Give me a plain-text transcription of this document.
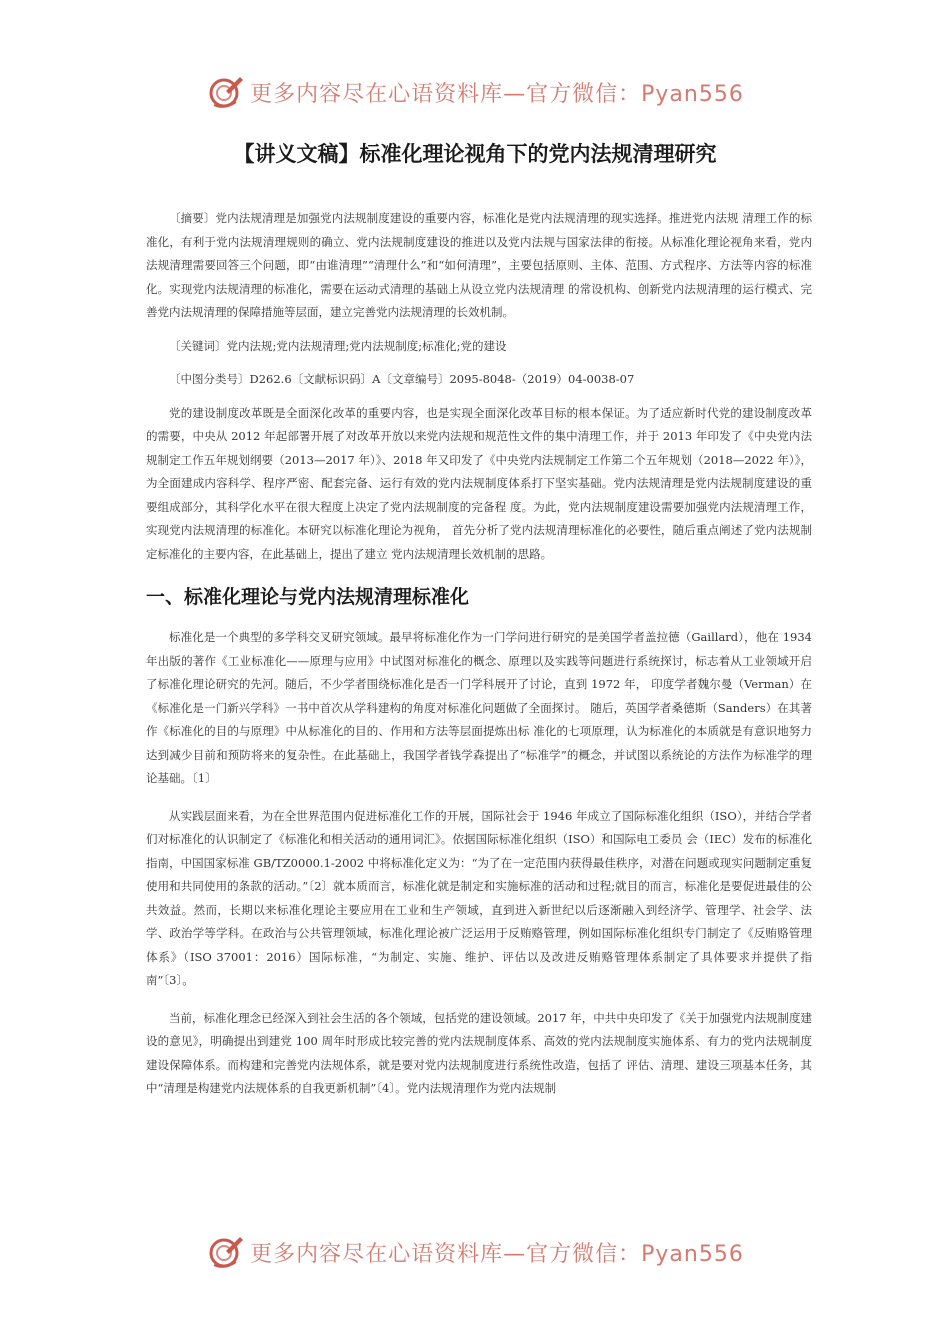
更多内容尽在心语资料库—官方微信：Pyan556
【讲义文稿】标准化理论视角下的党内法规清理研究

〔摘要〕党内法规清理是加强党内法规制度建设的重要内容，标准化是党内法规清理的现实选择。推进党内法规 清理工作的标准化，有利于党内法规清理规则的确立、党内法规制度建设的推进以及党内法规与国家法律的衔接。从标准化理论视角来看，党内法规清理需要回答三个问题，即“由谁清理”“清理什么”和“如何清理”，主要包括原则、主体、范围、方式程序、方法等内容的标准化。实现党内法规清理的标准化，需要在运动式清理的基础上从设立党内法规清理 的常设机构、创新党内法规清理的运行模式、完善党内法规清理的保障措施等层面，建立完善党内法规清理的长效机制。

〔关键词〕党内法规;党内法规清理;党内法规制度;标准化;党的建设

〔中图分类号〕D262.6〔文献标识码〕A〔文章编号〕2095-8048-（2019）04-0038-07

党的建设制度改革既是全面深化改革的重要内容，也是实现全面深化改革目标的根本保证。为了适应新时代党的建设制度改革的需要，中央从 2012 年起部署开展了对改革开放以来党内法规和规范性文件的集中清理工作，并于 2013 年印发了《中央党内法规制定工作五年规划纲要（2013—2017 年）》、2018 年又印发了《中央党内法规制定工作第二个五年规划（2018—2022 年）》，为全面建成内容科学、程序严密、配套完备、运行有效的党内法规制度体系打下坚实基础。党内法规清理是党内法规制度建设的重要组成部分，其科学化水平在很大程度上决定了党内法规制度的完备程 度。为此，党内法规制度建设需要加强党内法规清理工作，实现党内法规清理的标准化。本研究以标准化理论为视角， 首先分析了党内法规清理标准化的必要性，随后重点阐述了党内法规制定标准化的主要内容，在此基础上，提出了建立 党内法规清理长效机制的思路。

一、标准化理论与党内法规清理标准化

标准化是一个典型的多学科交叉研究领域。最早将标准化作为一门学问进行研究的是美国学者盖拉德（Gaillard），他在 1934 年出版的著作《工业标准化——原理与应用》中试图对标准化的概念、原理以及实践等问题进行系统探讨，标志着从工业领域开启了标准化理论研究的先河。随后，不少学者围绕标准化是否一门学科展开了讨论，直到 1972 年， 印度学者魏尔曼（Verman）在《标准化是一门新兴学科》一书中首次从学科建构的角度对标准化问题做了全面探讨。 随后，英国学者桑德斯（Sanders）在其著作《标准化的目的与原理》中从标准化的目的、作用和方法等层面提炼出标 准化的七项原理，认为标准化的本质就是有意识地努力达到减少目前和预防将来的复杂性。在此基础上，我国学者钱学森提出了“标准学”的概念，并试图以系统论的方法作为标准学的理论基础。〔1〕

从实践层面来看，为在全世界范围内促进标准化工作的开展，国际社会于 1946 年成立了国际标准化组织（ISO），并结合学者们对标准化的认识制定了《标准化和相关活动的通用词汇》。依据国际标准化组织（ISO）和国际电工委员 会（IEC）发布的标准化指南，中国国家标准 GB/TZ0000.1-2002 中将标准化定义为：“为了在一定范围内获得最佳秩序，对潜在问题或现实问题制定重复使用和共同使用的条款的活动。”〔2〕就本质而言，标准化就是制定和实施标准的活动和过程;就目的而言，标准化是要促进最佳的公共效益。然而，长期以来标准化理论主要应用在工业和生产领域，直到进入新世纪以后逐渐融入到经济学、管理学、社会学、法学、政治学等学科。在政治与公共管理领域，标准化理论被广泛运用于反贿赂管理，例如国际标准化组织专门制定了《反贿赂管理体系》（ISO 37001：2016）国际标准，“为制定、实施、维护、评估以及改进反贿赂管理体系制定了具体要求并提供了指南”〔3〕。

当前，标准化理念已经深入到社会生活的各个领域，包括党的建设领域。2017 年，中共中央印发了《关于加强党内法规制度建设的意见》，明确提出到建党 100 周年时形成比较完善的党内法规制度体系、高效的党内法规制度实施体系、有力的党内法规制度建设保障体系。而构建和完善党内法规体系，就是要对党内法规制度进行系统性改造，包括了 评估、清理、建设三项基本任务，其中“清理是构建党内法规体系的自我更新机制”〔4〕。党内法规清理作为党内法规制

更多内容尽在心语资料库—官方微信：Pyan556
